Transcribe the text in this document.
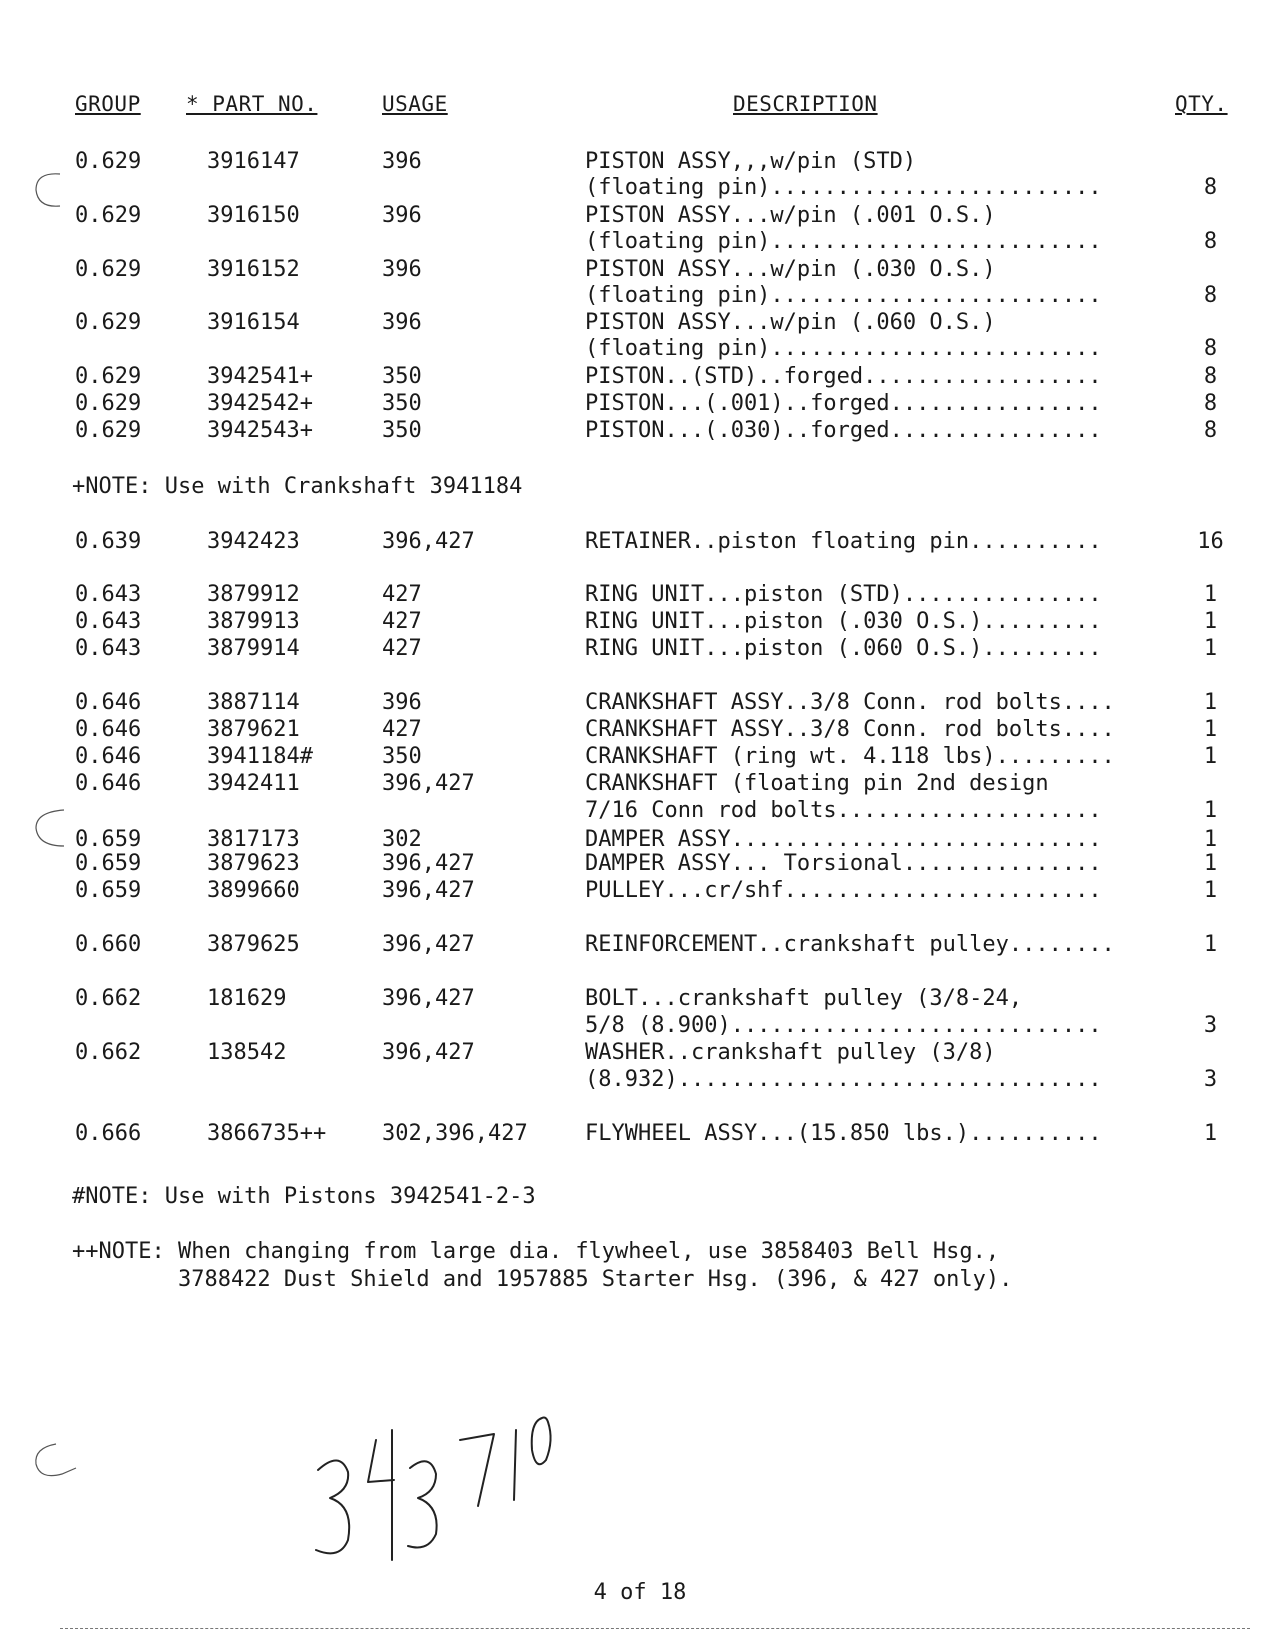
GROUP * PART NO.	USAGE	DESCRIPTION	QTY.
0.629	3916147	396	PISTON ASSY,,,w/pin (STD)
(floating pin).........................	8
0.629	3916150	396	PISTON ASSY...w/pin (.001 O.S.)
(floating pin).........................	8
0.629	3916152	396	PISTON ASSY...w/pin (.030 O.S.)
(floating pin).........................	8
0.629	3916154	396	PISTON ASSY...w/pin (.060 O.S.)
(floating pin).........................	8
0.629	3942541+	350	PISTON..(STD)..forged..................	8
0.629	3942542+	350	PISTON...(.001)..forged................	8
0.629	3942543+	350	PISTON...(.030)..forged................	8
0.639	3942423	396,427	RETAINER..piston floating pin..........	16
0.643	3879912	427	RING UNIT...piston (STD)...............	1
0.643	3879913	427	RING UNIT...piston (.030 O.S.).........	1
0.643	3879914	427	RING UNIT...piston (.060 O.S.).........	1
0.646	3887114	396	CRANKSHAFT ASSY..3/8 Conn. rod bolts....	1
0.646	3879621	427	CRANKSHAFT ASSY..3/8 Conn. rod bolts....	1
0.646	3941184#	350	CRANKSHAFT (ring wt. 4.118 lbs).........	1
0.646	3942411	396,427	CRANKSHAFT (floating pin 2nd design
7/16 Conn rod bolts....................	1
0.659	3817173	302	DAMPER ASSY............................	1
0.659	3879623	396,427	DAMPER ASSY... Torsional...............	1
0.659	3899660	396,427	PULLEY...cr/shf........................	1
0.660	3879625	396,427	REINFORCEMENT..crankshaft pulley........	1
0.662	181629	396,427	BOLT...crankshaft pulley (3/8-24,
5/8 (8.900)............................	3
0.662	138542	396,427	WASHER..crankshaft pulley (3/8)
(8.932)................................	3
0.666	3866735++	302,396,427	FLYWHEEL ASSY...(15.850 lbs.)..........	1
+NOTE: Use with Crankshaft 3941184
#NOTE: Use with Pistons 3942541-2-3
++NOTE: When changing from large dia. flywheel, use 3858403 Bell Hsg.,
3788422 Dust Shield and 1957885 Starter Hsg. (396, & 427 only).
4 of 18
